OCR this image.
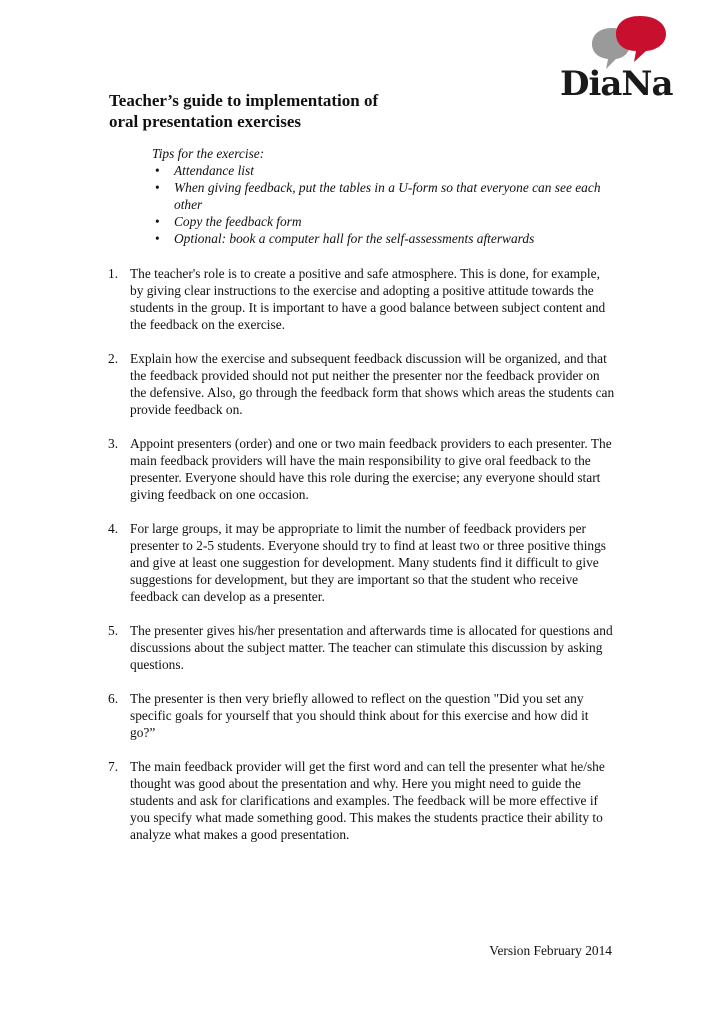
DiaNa
Teacher’s guide to implementation of
oral presentation exercises
Tips for the exercise:
• Attendance list
• When giving feedback, put the tables in a U-form so that everyone can see each other
• Copy the feedback form
• Optional: book a computer hall for the self-assessments afterwards
1. The teacher's role is to create a positive and safe atmosphere. This is done, for example, by giving clear instructions to the exercise and adopting a positive attitude towards the students in the group. It is important to have a good balance between subject content and the feedback on the exercise.
2. Explain how the exercise and subsequent feedback discussion will be organized, and that the feedback provided should not put neither the presenter nor the feedback provider on the defensive. Also, go through the feedback form that shows which areas the students can provide feedback on.
3. Appoint presenters (order) and one or two main feedback providers to each presenter. The main feedback providers will have the main responsibility to give oral feedback to the presenter. Everyone should have this role during the exercise; any everyone should start giving feedback on one occasion.
4. For large groups, it may be appropriate to limit the number of feedback providers per presenter to 2-5 students. Everyone should try to find at least two or three positive things and give at least one suggestion for development. Many students find it difficult to give suggestions for development, but they are important so that the student who receive feedback can develop as a presenter.
5. The presenter gives his/her presentation and afterwards time is allocated for questions and discussions about the subject matter. The teacher can stimulate this discussion by asking questions.
6. The presenter is then very briefly allowed to reflect on the question "Did you set any specific goals for yourself that you should think about for this exercise and how did it go?”
7. The main feedback provider will get the first word and can tell the presenter what he/she thought was good about the presentation and why. Here you might need to guide the students and ask for clarifications and examples. The feedback will be more effective if you specify what made something good. This makes the students practice their ability to analyze what makes a good presentation.
Version February 2014
